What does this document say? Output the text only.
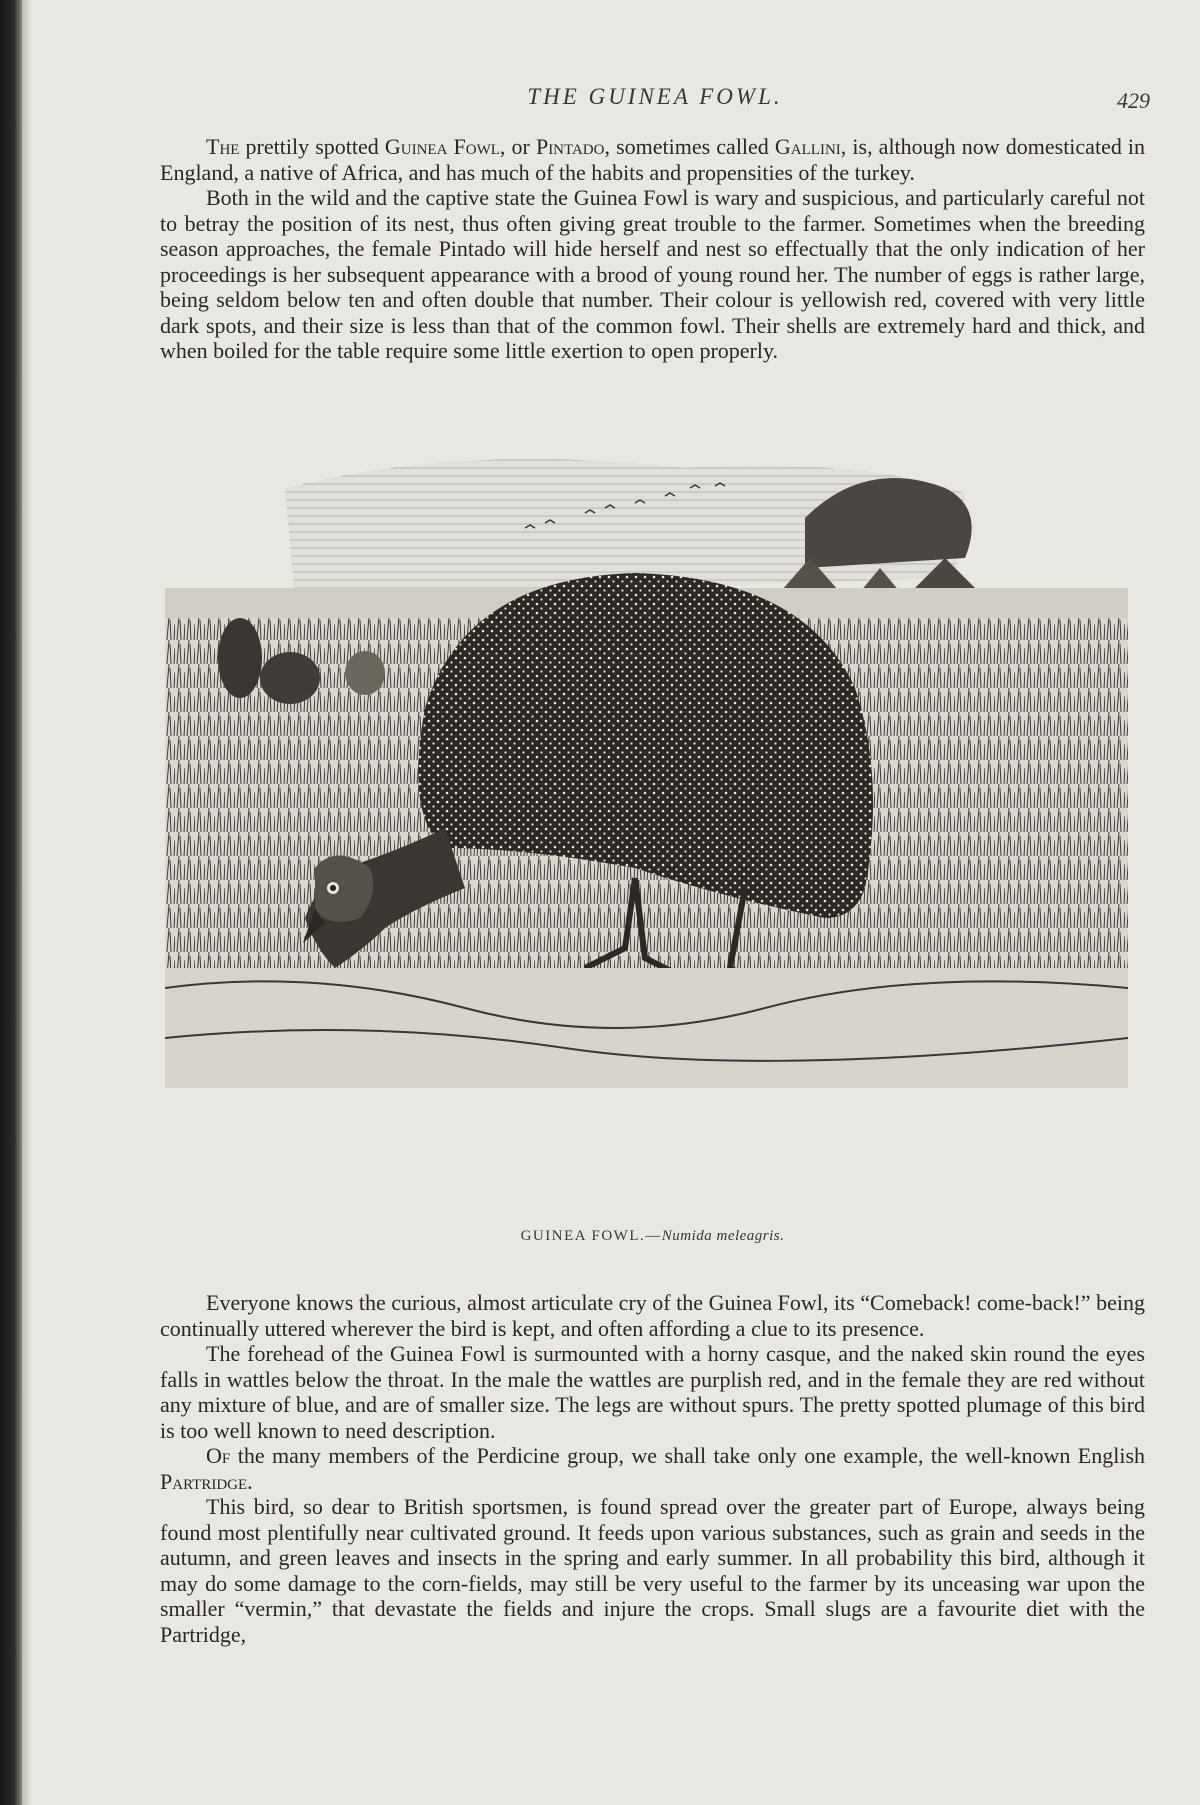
THE GUINEA FOWL.	429

The prettily spotted Guinea Fowl, or Pintado, sometimes called Gallini, is, although now domesticated in England, a native of Africa, and has much of the habits and propensities of the turkey.

Both in the wild and the captive state the Guinea Fowl is wary and suspicious, and particularly careful not to betray the position of its nest, thus often giving great trouble to the farmer. Sometimes when the breeding season approaches, the female Pintado will hide herself and nest so effectually that the only indication of her proceedings is her subsequent appearance with a brood of young round her. The number of eggs is rather large, being seldom below ten and often double that number. Their colour is yellowish red, covered with very little dark spots, and their size is less than that of the common fowl. Their shells are extremely hard and thick, and when boiled for the table require some little exertion to open properly.

GUINEA FOWL.—Numida meleagris.

Everyone knows the curious, almost articulate cry of the Guinea Fowl, its “Comeback! come-back!” being continually uttered wherever the bird is kept, and often affording a clue to its presence.

The forehead of the Guinea Fowl is surmounted with a horny casque, and the naked skin round the eyes falls in wattles below the throat. In the male the wattles are purplish red, and in the female they are red without any mixture of blue, and are of smaller size. The legs are without spurs. The pretty spotted plumage of this bird is too well known to need description.

Of the many members of the Perdicine group, we shall take only one example, the well-known English Partridge.

This bird, so dear to British sportsmen, is found spread over the greater part of Europe, always being found most plentifully near cultivated ground. It feeds upon various substances, such as grain and seeds in the autumn, and green leaves and insects in the spring and early summer. In all probability this bird, although it may do some damage to the corn-fields, may still be very useful to the farmer by its unceasing war upon the smaller “vermin,” that devastate the fields and injure the crops. Small slugs are a favourite diet with the Partridge,
